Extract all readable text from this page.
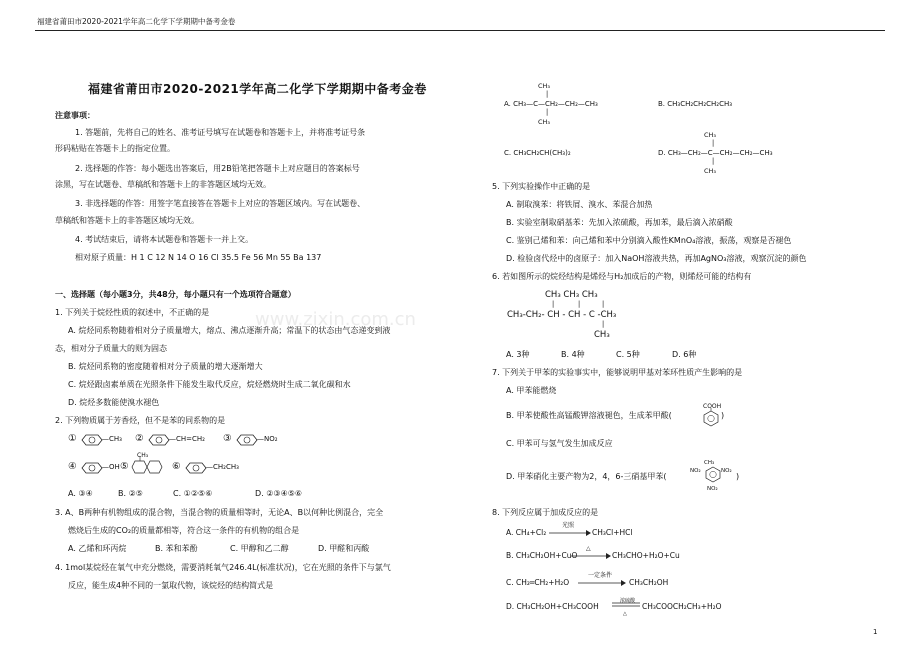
福建省莆田市2020-2021学年高二化学下学期期中备考金卷
www.zixin.com.cn
福建省莆田市2020-2021学年高二化学下学期期中备考金卷
注意事项：
1. 答题前，先将自己的姓名、准考证号填写在试题卷和答题卡上，并将准考证号条
形码粘贴在答题卡上的指定位置。
2. 选择题的作答：每小题选出答案后，用2B铅笔把答题卡上对应题目的答案标号
涂黑，写在试题卷、草稿纸和答题卡上的非答题区域均无效。
3. 非选择题的作答：用签字笔直接答在答题卡上对应的答题区域内。写在试题卷、
草稿纸和答题卡上的非答题区域均无效。
4. 考试结束后，请将本试题卷和答题卡一并上交。
相对原子质量：H 1 C 12 N 14 O 16 Cl 35.5 Fe 56 Mn 55 Ba 137
一、选择题（每小题3分，共48分，每小题只有一个选项符合题意）
1. 下列关于烷烃性质的叙述中，不正确的是
A. 烷烃同系物随着相对分子质量增大，熔点、沸点逐渐升高；常温下的状态由气态递变到液
态，相对分子质量大的则为固态
B. 烷烃同系物的密度随着相对分子质量的增大逐渐增大
C. 烷烃跟卤素单质在光照条件下能发生取代反应，烷烃燃烧时生成二氧化碳和水
D. 烷烃多数能使溴水褪色
2. 下列物质属于芳香烃，但不是苯的同系物的是
①	—CH₃ ②	—CH=CH₂ ③	—NO₂
④	—OH ⑤
CH₃
⑥	—CH₂CH₃
A. ③④	B. ②⑤	C. ①②⑤⑥	D. ②③④⑤⑥
3. A、B两种有机物组成的混合物，当混合物的质量相等时，无论A、B以何种比例混合，完全
燃烧后生成的CO₂的质量都相等，符合这一条件的有机物的组合是
A. 乙烯和环丙烷	B. 苯和苯酚	C. 甲醇和乙二醇	D. 甲醛和丙酸
4. 1mol某烷烃在氧气中充分燃烧，需要消耗氧气246.4L(标准状况)，它在光照的条件下与氯气
反应，能生成4种不同的一氯取代物，该烷烃的结构简式是
CH₃
|
A. CH₃—C—CH₂—CH₂—CH₃
|
CH₃
B. CH₃CH₂CH₂CH₂CH₃
CH₃
|
C. CH₃CH₂CH(CH₃)₂	D. CH₃—CH₂—C—CH₂—CH₂—CH₃
|
CH₃
5. 下列实验操作中正确的是
A. 制取溴苯：将铁屑、溴水、苯混合加热
B. 实验室制取硝基苯：先加入浓硫酸，再加苯，最后滴入浓硝酸
C. 鉴别己烯和苯：向己烯和苯中分别滴入酸性KMnO₄溶液，振荡，观察是否褪色
D. 检验卤代烃中的卤原子：加入NaOH溶液共热，再加AgNO₃溶液，观察沉淀的颜色
6. 若如图所示的烷烃结构是烯烃与H₂加成后的产物，则烯烃可能的结构有
CH₃ CH₃ CH₃
|	|	|
CH₃-CH₂- CH - CH - C -CH₃
|
CH₃
A. 3种	B. 4种	C. 5种	D. 6种
7. 下列关于甲苯的实验事实中，能够说明甲基对苯环性质产生影响的是
A. 甲苯能燃烧
B. 甲苯使酸性高锰酸钾溶液褪色，生成苯甲酸(
COOH
)
C. 甲苯可与氢气发生加成反应
D. 甲苯硝化主要产物为2，4，6-三硝基甲苯(
CH₃
NO₂	NO₂
NO₂
)
8. 下列反应属于加成反应的是
A. CH₄+Cl₂
光照
→ CH₃Cl+HCl
B. CH₃CH₂OH+CuO
△
→ CH₃CHO+H₂O+Cu
C. CH₂═CH₂+H₂O
一定条件
→ CH₃CH₂OH
D. CH₃CH₂OH+CH₃COOH
浓硫酸
△
CH₃COOCH₂CH₃+H₂O
1
